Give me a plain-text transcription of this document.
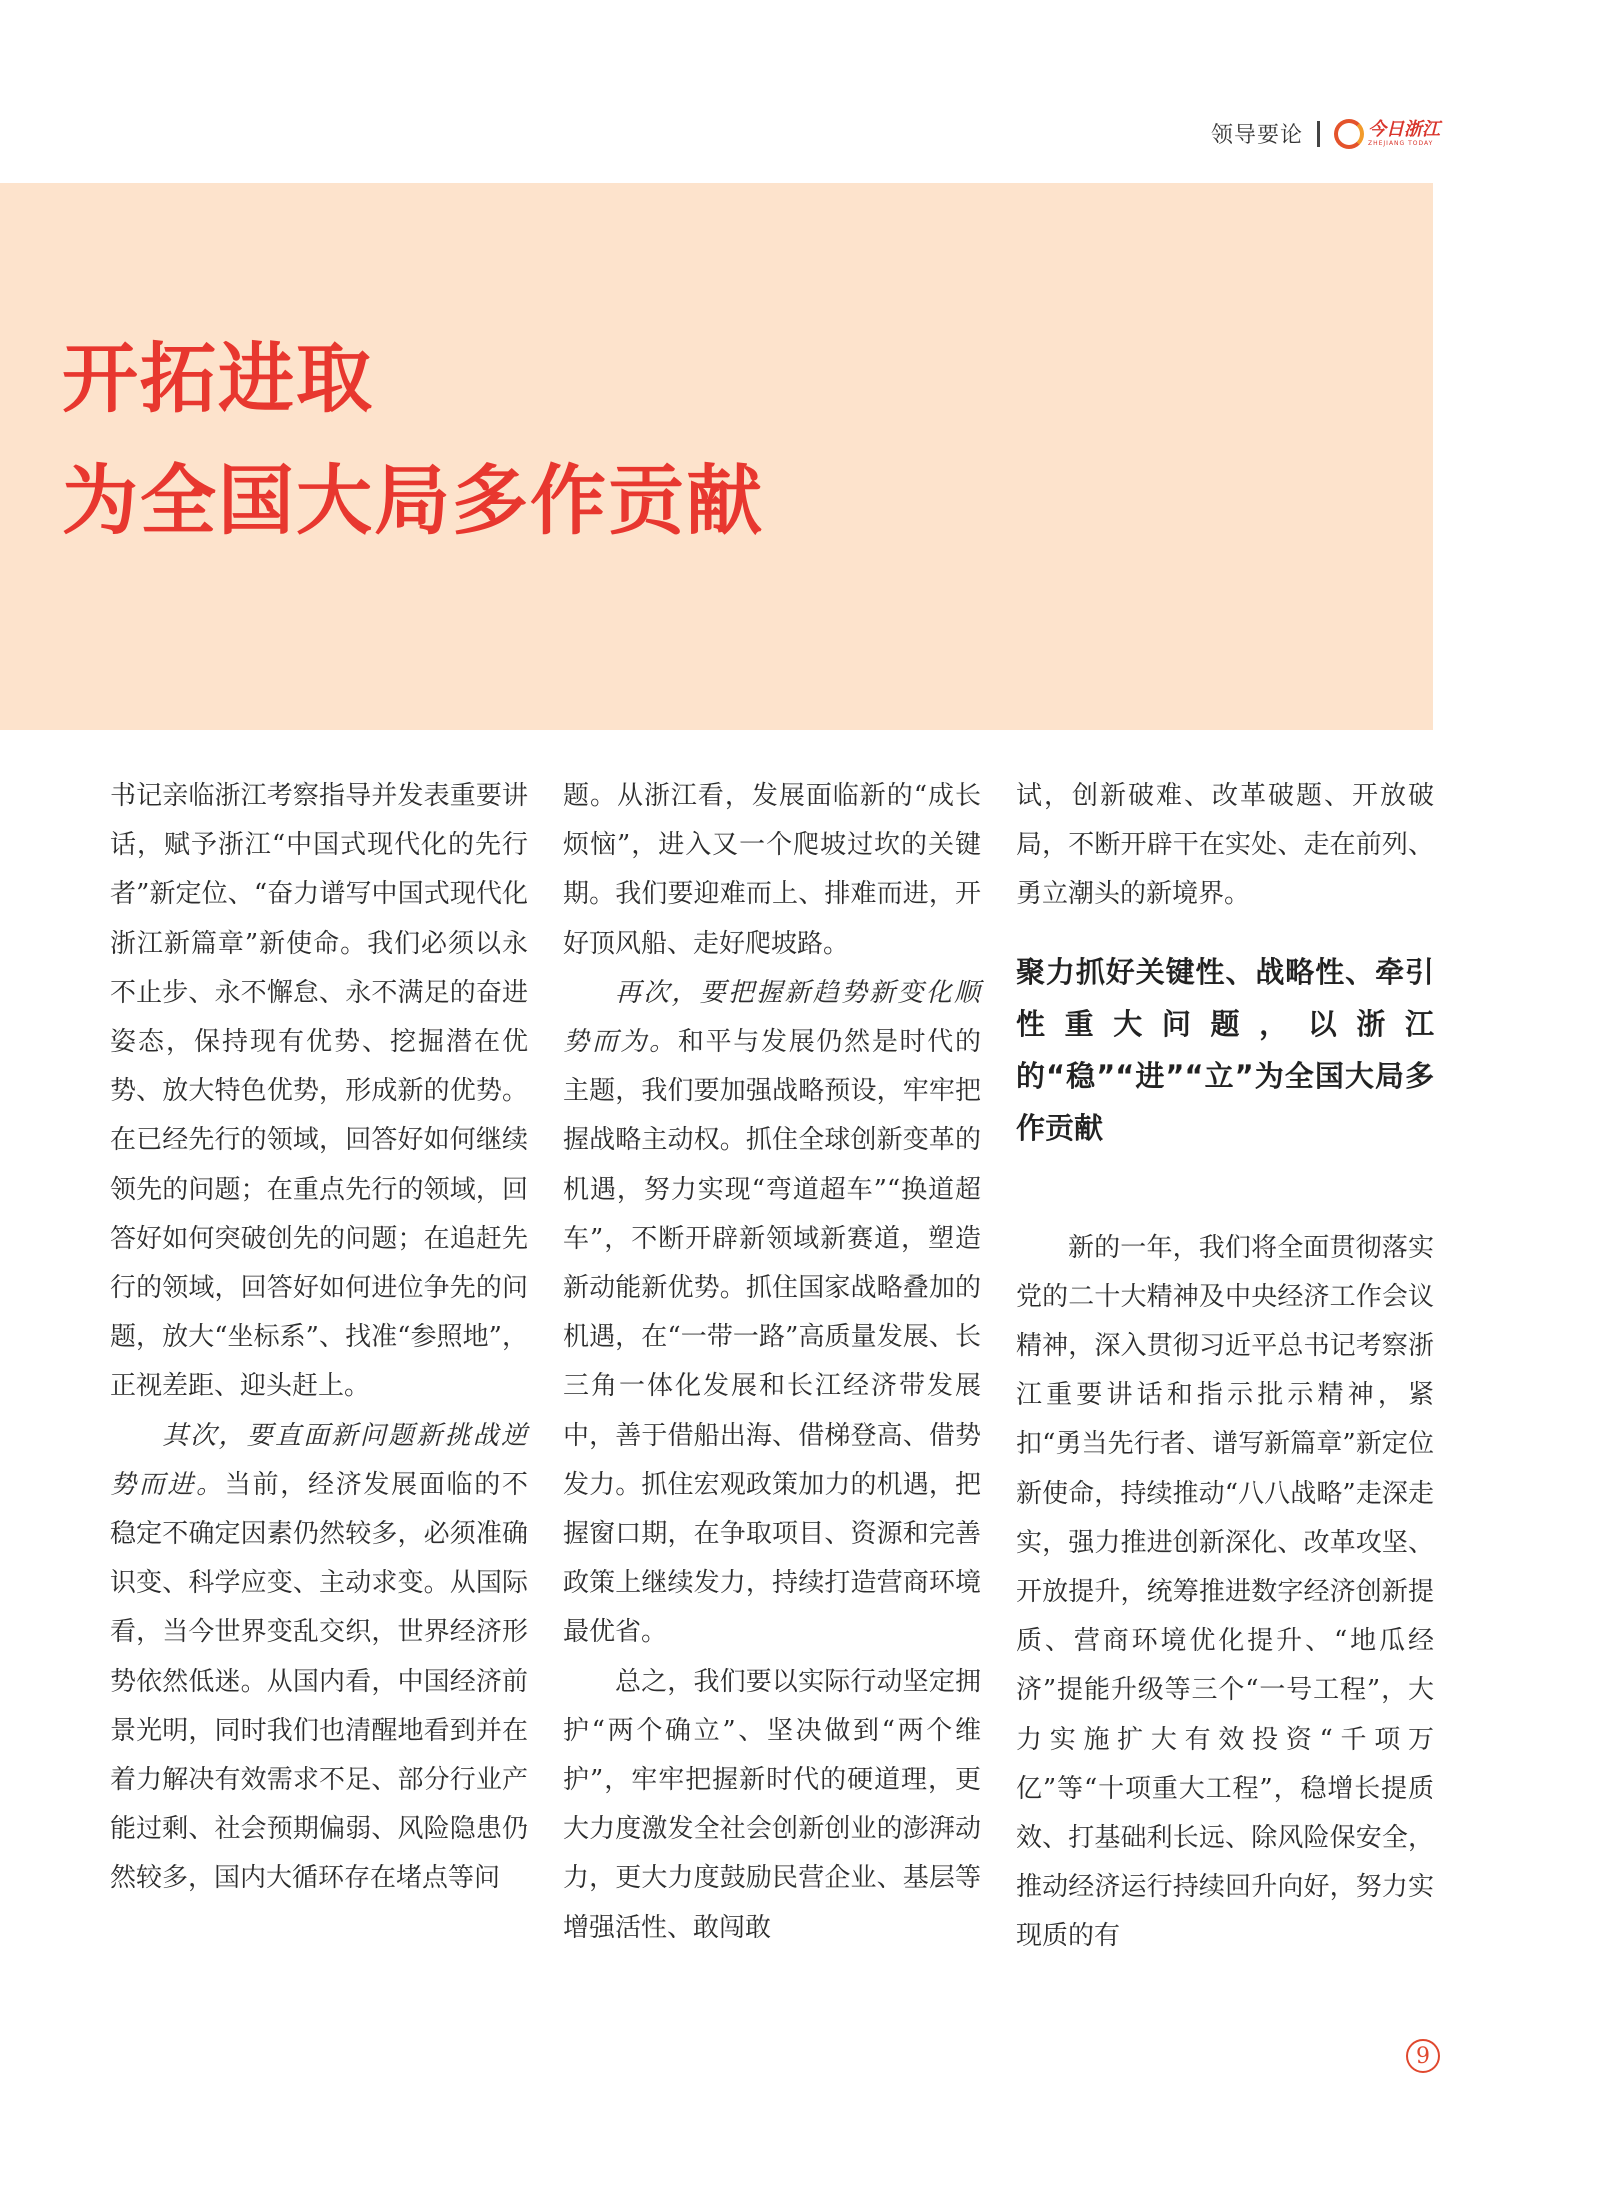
领导要论	今日浙江
ZHEJIANG TODAY
开拓进取
为全国大局多作贡献

书记亲临浙江考察指导并发表重要讲话，赋予浙江“中国式现代化的先行者”新定位、“奋力谱写中国式现代化浙江新篇章”新使命。我们必须以永不止步、永不懈怠、永不满足的奋进姿态，保持现有优势、挖掘潜在优势、放大特色优势，形成新的优势。在已经先行的领域，回答好如何继续领先的问题；在重点先行的领域，回答好如何突破创先的问题；在追赶先行的领域，回答好如何进位争先的问题，放大“坐标系”、找准“参照地”，正视差距、迎头赶上。

其次，要直面新问题新挑战逆势而进。当前，经济发展面临的不稳定不确定因素仍然较多，必须准确识变、科学应变、主动求变。从国际看，当今世界变乱交织，世界经济形势依然低迷。从国内看，中国经济前景光明，同时我们也清醒地看到并在着力解决有效需求不足、部分行业产能过剩、社会预期偏弱、风险隐患仍然较多，国内大循环存在堵点等问

题。从浙江看，发展面临新的“成长烦恼”，进入又一个爬坡过坎的关键期。我们要迎难而上、排难而进，开好顶风船、走好爬坡路。

再次，要把握新趋势新变化顺势而为。和平与发展仍然是时代的主题，我们要加强战略预设，牢牢把握战略主动权。抓住全球创新变革的机遇，努力实现“弯道超车”“换道超车”，不断开辟新领域新赛道，塑造新动能新优势。抓住国家战略叠加的机遇，在“一带一路”高质量发展、长三角一体化发展和长江经济带发展中，善于借船出海、借梯登高、借势发力。抓住宏观政策加力的机遇，把握窗口期，在争取项目、资源和完善政策上继续发力，持续打造营商环境最优省。

总之，我们要以实际行动坚定拥护“两个确立”、坚决做到“两个维护”，牢牢把握新时代的硬道理，更大力度激发全社会创新创业的澎湃动力，更大力度鼓励民营企业、基层等增强活性、敢闯敢

试，创新破难、改革破题、开放破局，不断开辟干在实处、走在前列、勇立潮头的新境界。

聚力抓好关键性、战略性、牵引性重大问题，以浙江的“稳”“进”“立”为全国大局多作贡献

新的一年，我们将全面贯彻落实党的二十大精神及中央经济工作会议精神，深入贯彻习近平总书记考察浙江重要讲话和指示批示精神，紧扣“勇当先行者、谱写新篇章”新定位新使命，持续推动“八八战略”走深走实，强力推进创新深化、改革攻坚、开放提升，统筹推进数字经济创新提质、营商环境优化提升、“地瓜经济”提能升级等三个“一号工程”，大力实施扩大有效投资“千项万亿”等“十项重大工程”，稳增长提质效、打基础利长远、除风险保安全，推动经济运行持续回升向好，努力实现质的有

9
